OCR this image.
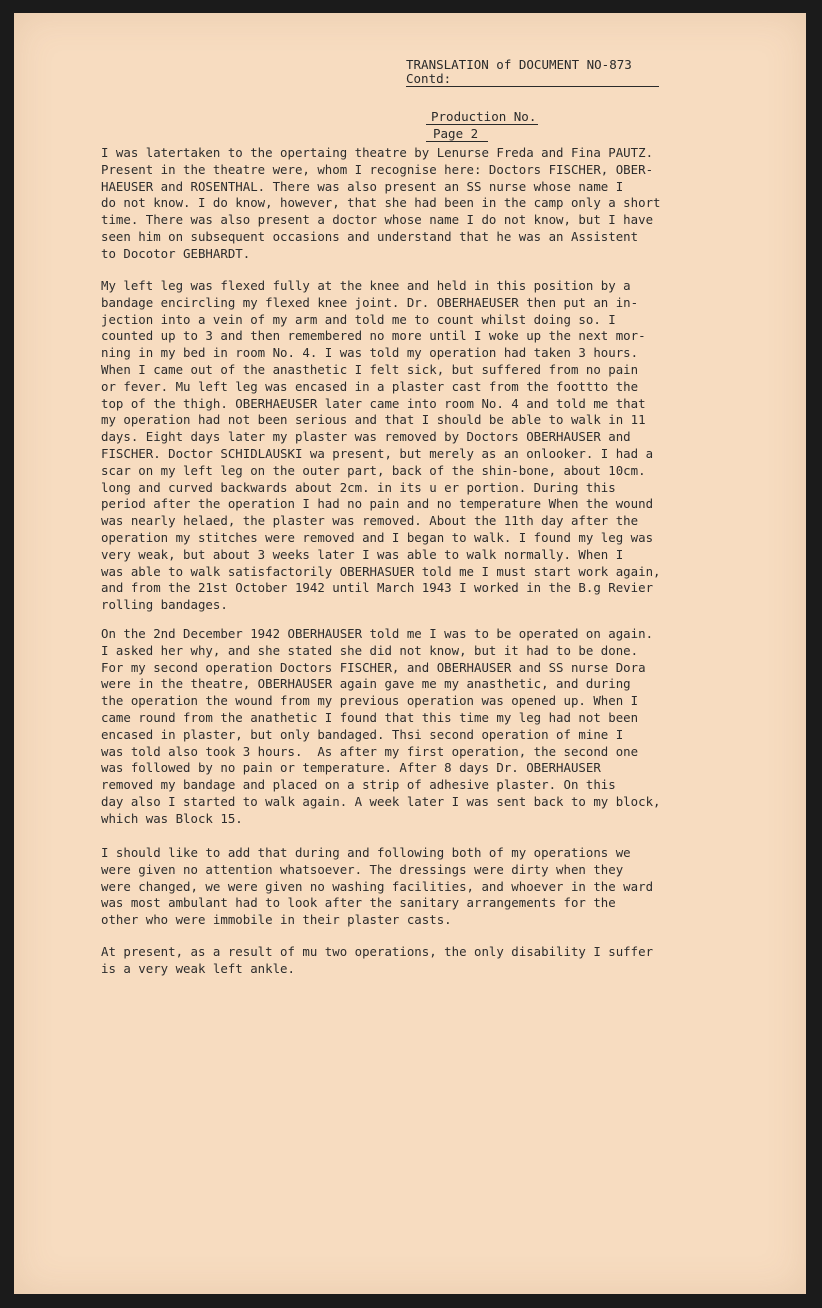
TRANSLATION of DOCUMENT NO-873
Contd:
Production No.
Page 2
I was latertaken to the opertaing theatre by Lenurse Freda and Fina PAUTZ.
Present in the theatre were, whom I recognise here: Doctors FISCHER, OBER-
HAEUSER and ROSENTHAL. There was also present an SS nurse whose name I
do not know. I do know, however, that she had been in the camp only a short
time. There was also present a doctor whose name I do not know, but I have
seen him on subsequent occasions and understand that he was an Assistent
to Docotor GEBHARDT.
My left leg was flexed fully at the knee and held in this position by a
bandage encircling my flexed knee joint. Dr. OBERHAEUSER then put an in-
jection into a vein of my arm and told me to count whilst doing so. I
counted up to 3 and then remembered no more until I woke up the next mor-
ning in my bed in room No. 4. I was told my operation had taken 3 hours.
When I came out of the anasthetic I felt sick, but suffered from no pain
or fever. Mu left leg was encased in a plaster cast from the foottto the
top of the thigh. OBERHAEUSER later came into room No. 4 and told me that
my operation had not been serious and that I should be able to walk in 11
days. Eight days later my plaster was removed by Doctors OBERHAUSER and
FISCHER. Doctor SCHIDLAUSKI wa present, but merely as an onlooker. I had a
scar on my left leg on the outer part, back of the shin-bone, about 10cm.
long and curved backwards about 2cm. in its u er portion. During this
period after the operation I had no pain and no temperature When the wound
was nearly helaed, the plaster was removed. About the 11th day after the
operation my stitches were removed and I began to walk. I found my leg was
very weak, but about 3 weeks later I was able to walk normally. When I
was able to walk satisfactorily OBERHASUER told me I must start work again,
and from the 21st October 1942 until March 1943 I worked in the B.g Revier
rolling bandages.
On the 2nd December 1942 OBERHAUSER told me I was to be operated on again.
I asked her why, and she stated she did not know, but it had to be done.
For my second operation Doctors FISCHER, and OBERHAUSER and SS nurse Dora
were in the theatre, OBERHAUSER again gave me my anasthetic, and during
the operation the wound from my previous operation was opened up. When I
came round from the anathetic I found that this time my leg had not been
encased in plaster, but only bandaged. Thsi second operation of mine I
was told also took 3 hours.  As after my first operation, the second one
was followed by no pain or temperature. After 8 days Dr. OBERHAUSER
removed my bandage and placed on a strip of adhesive plaster. On this
day also I started to walk again. A week later I was sent back to my block,
which was Block 15.
I should like to add that during and following both of my operations we
were given no attention whatsoever. The dressings were dirty when they
were changed, we were given no washing facilities, and whoever in the ward
was most ambulant had to look after the sanitary arrangements for the
other who were immobile in their plaster casts.
At present, as a result of mu two operations, the only disability I suffer
is a very weak left ankle.
